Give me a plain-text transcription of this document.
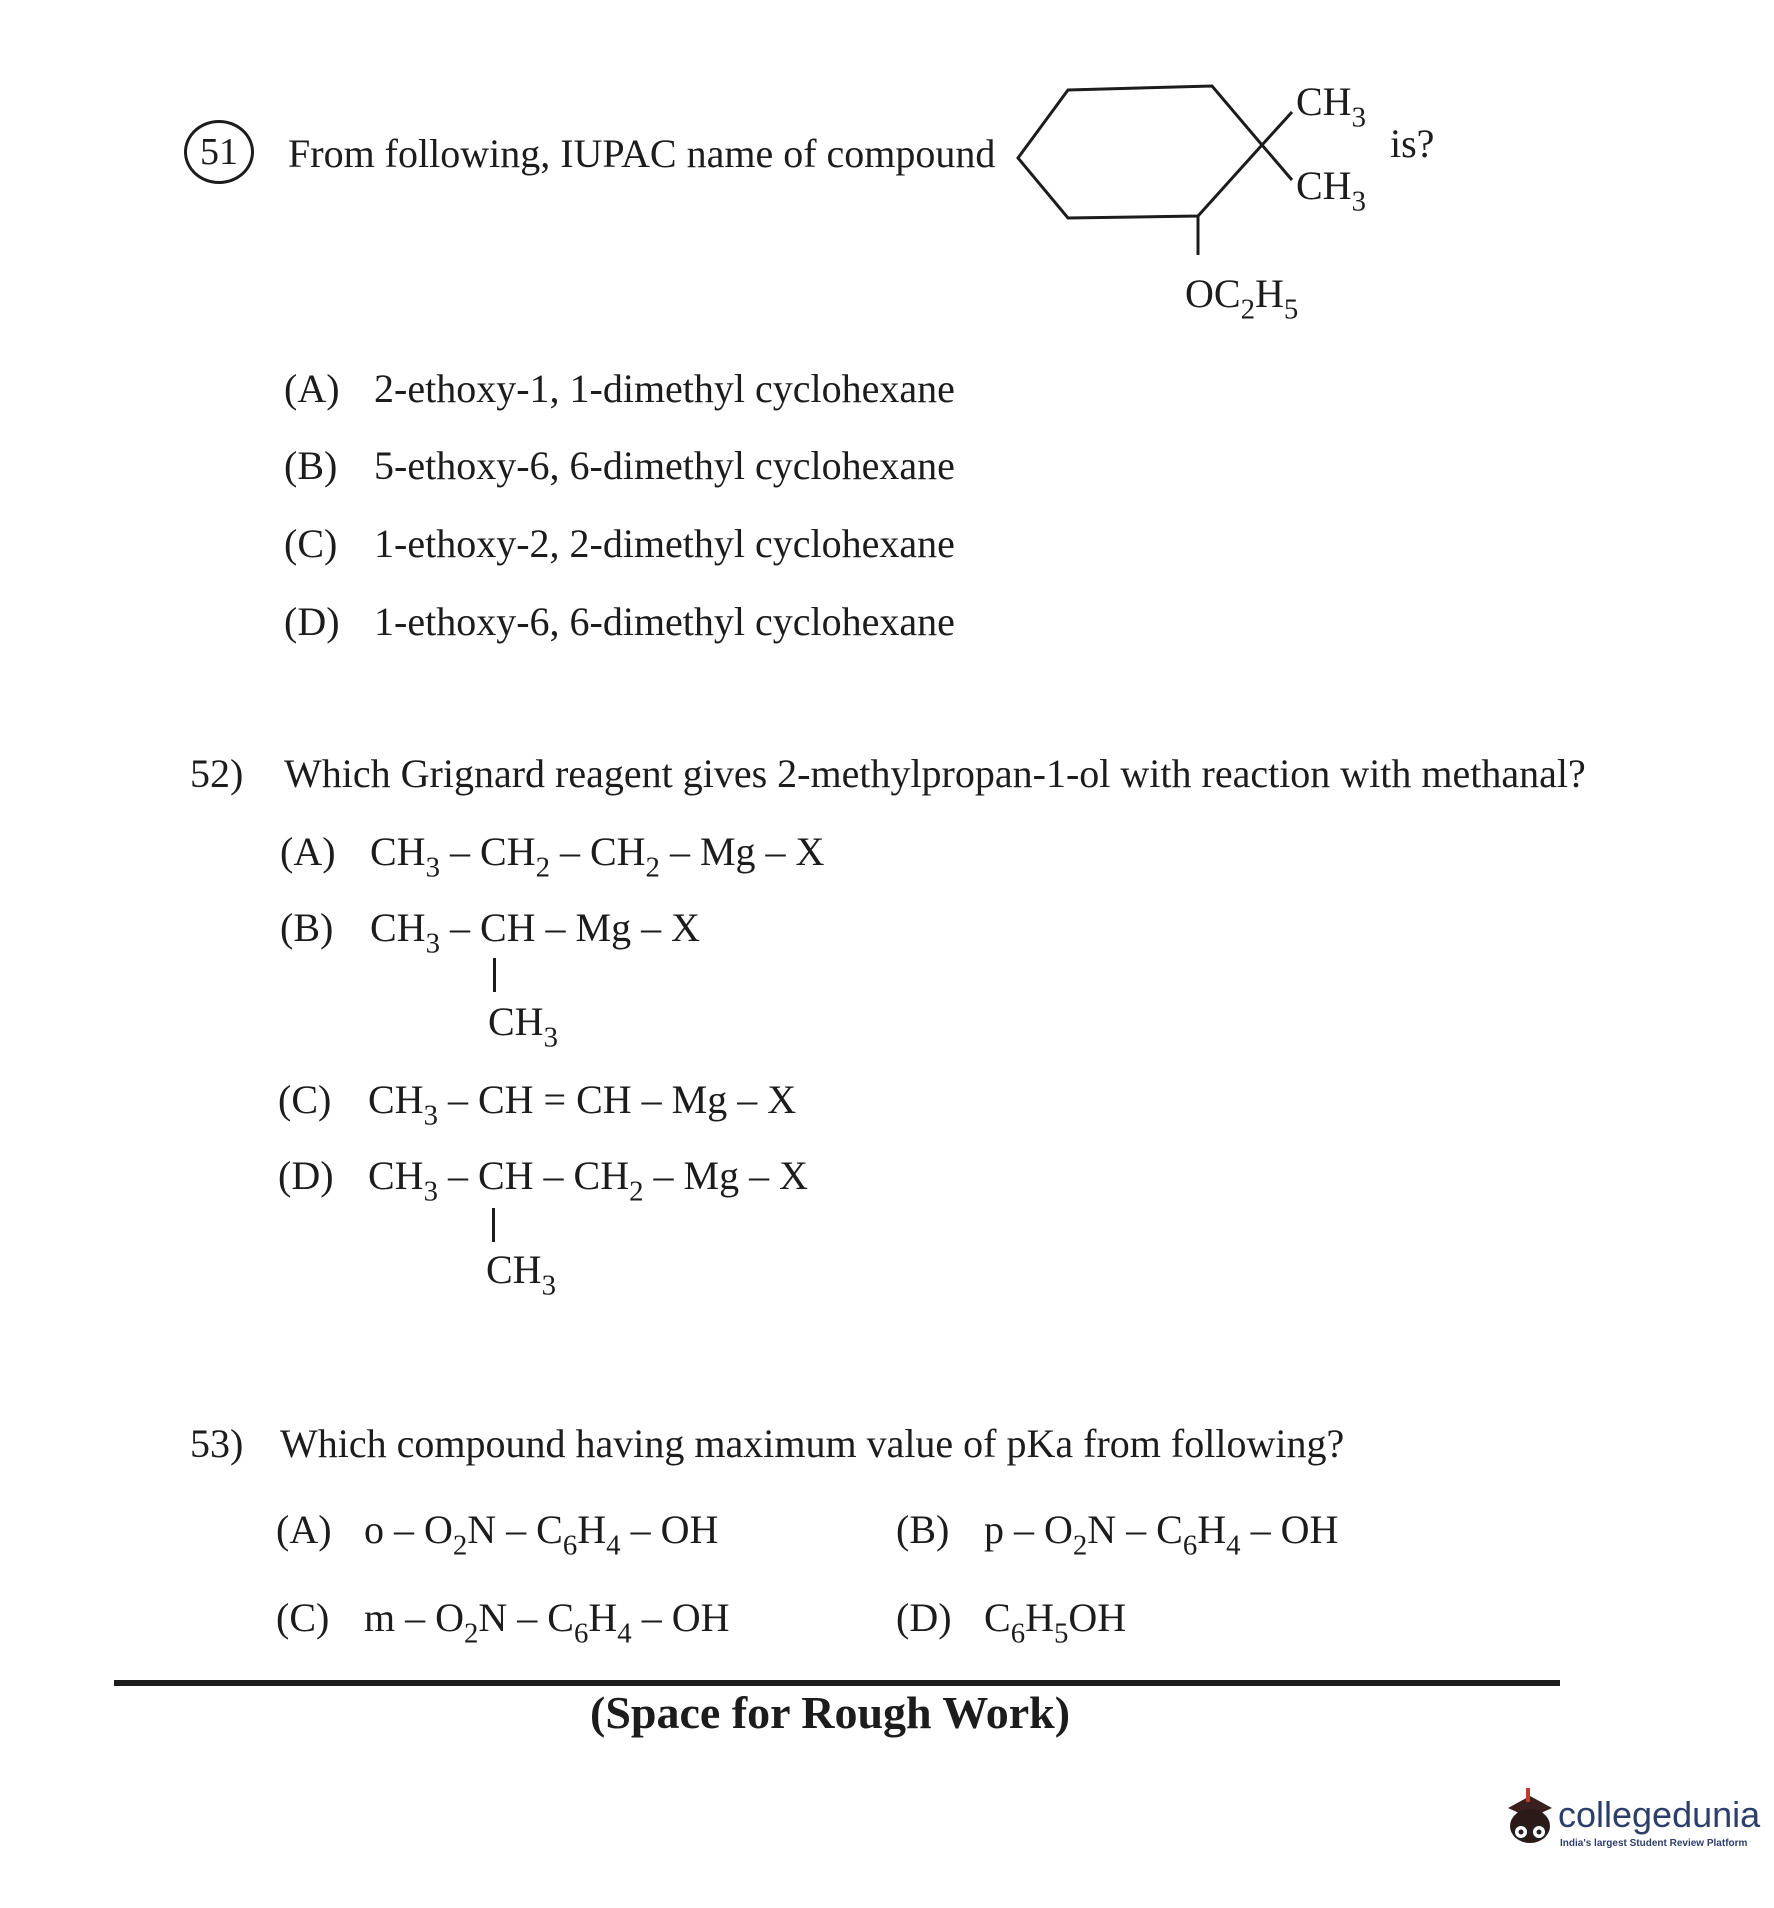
51	From following, IUPAC name of compound
$CH_3$
$CH_3$
$OC_2H_5$
is?
(A) 2-ethoxy-1, 1-dimethyl cyclohexane
(B) 5-ethoxy-6, 6-dimethyl cyclohexane
(C) 1-ethoxy-2, 2-dimethyl cyclohexane
(D) 1-ethoxy-6, 6-dimethyl cyclohexane
52) Which Grignard reagent gives 2-methylpropan-1-ol with reaction with methanal?
(A) $CH_3 - CH_2 - CH_2$ – Mg – X
(B) $CH_3$ – CH – Mg – X
$CH_3$
(C) $CH_3$ – CH = CH – Mg – X
(D) $CH_3$ – CH – $CH_2$ – Mg – X
$CH_3$
53) Which compound having maximum value of pKa from following?
(A) o – $O_2N - C_6H_4$ – OH	(B) p – $O_2N - C_6H_4$ – OH
(C) m – $O_2N - C_6H_4$ – OH	(D) $C_6H_5OH$
(Space for Rough Work)
collegedunia
India's largest Student Review Platform
